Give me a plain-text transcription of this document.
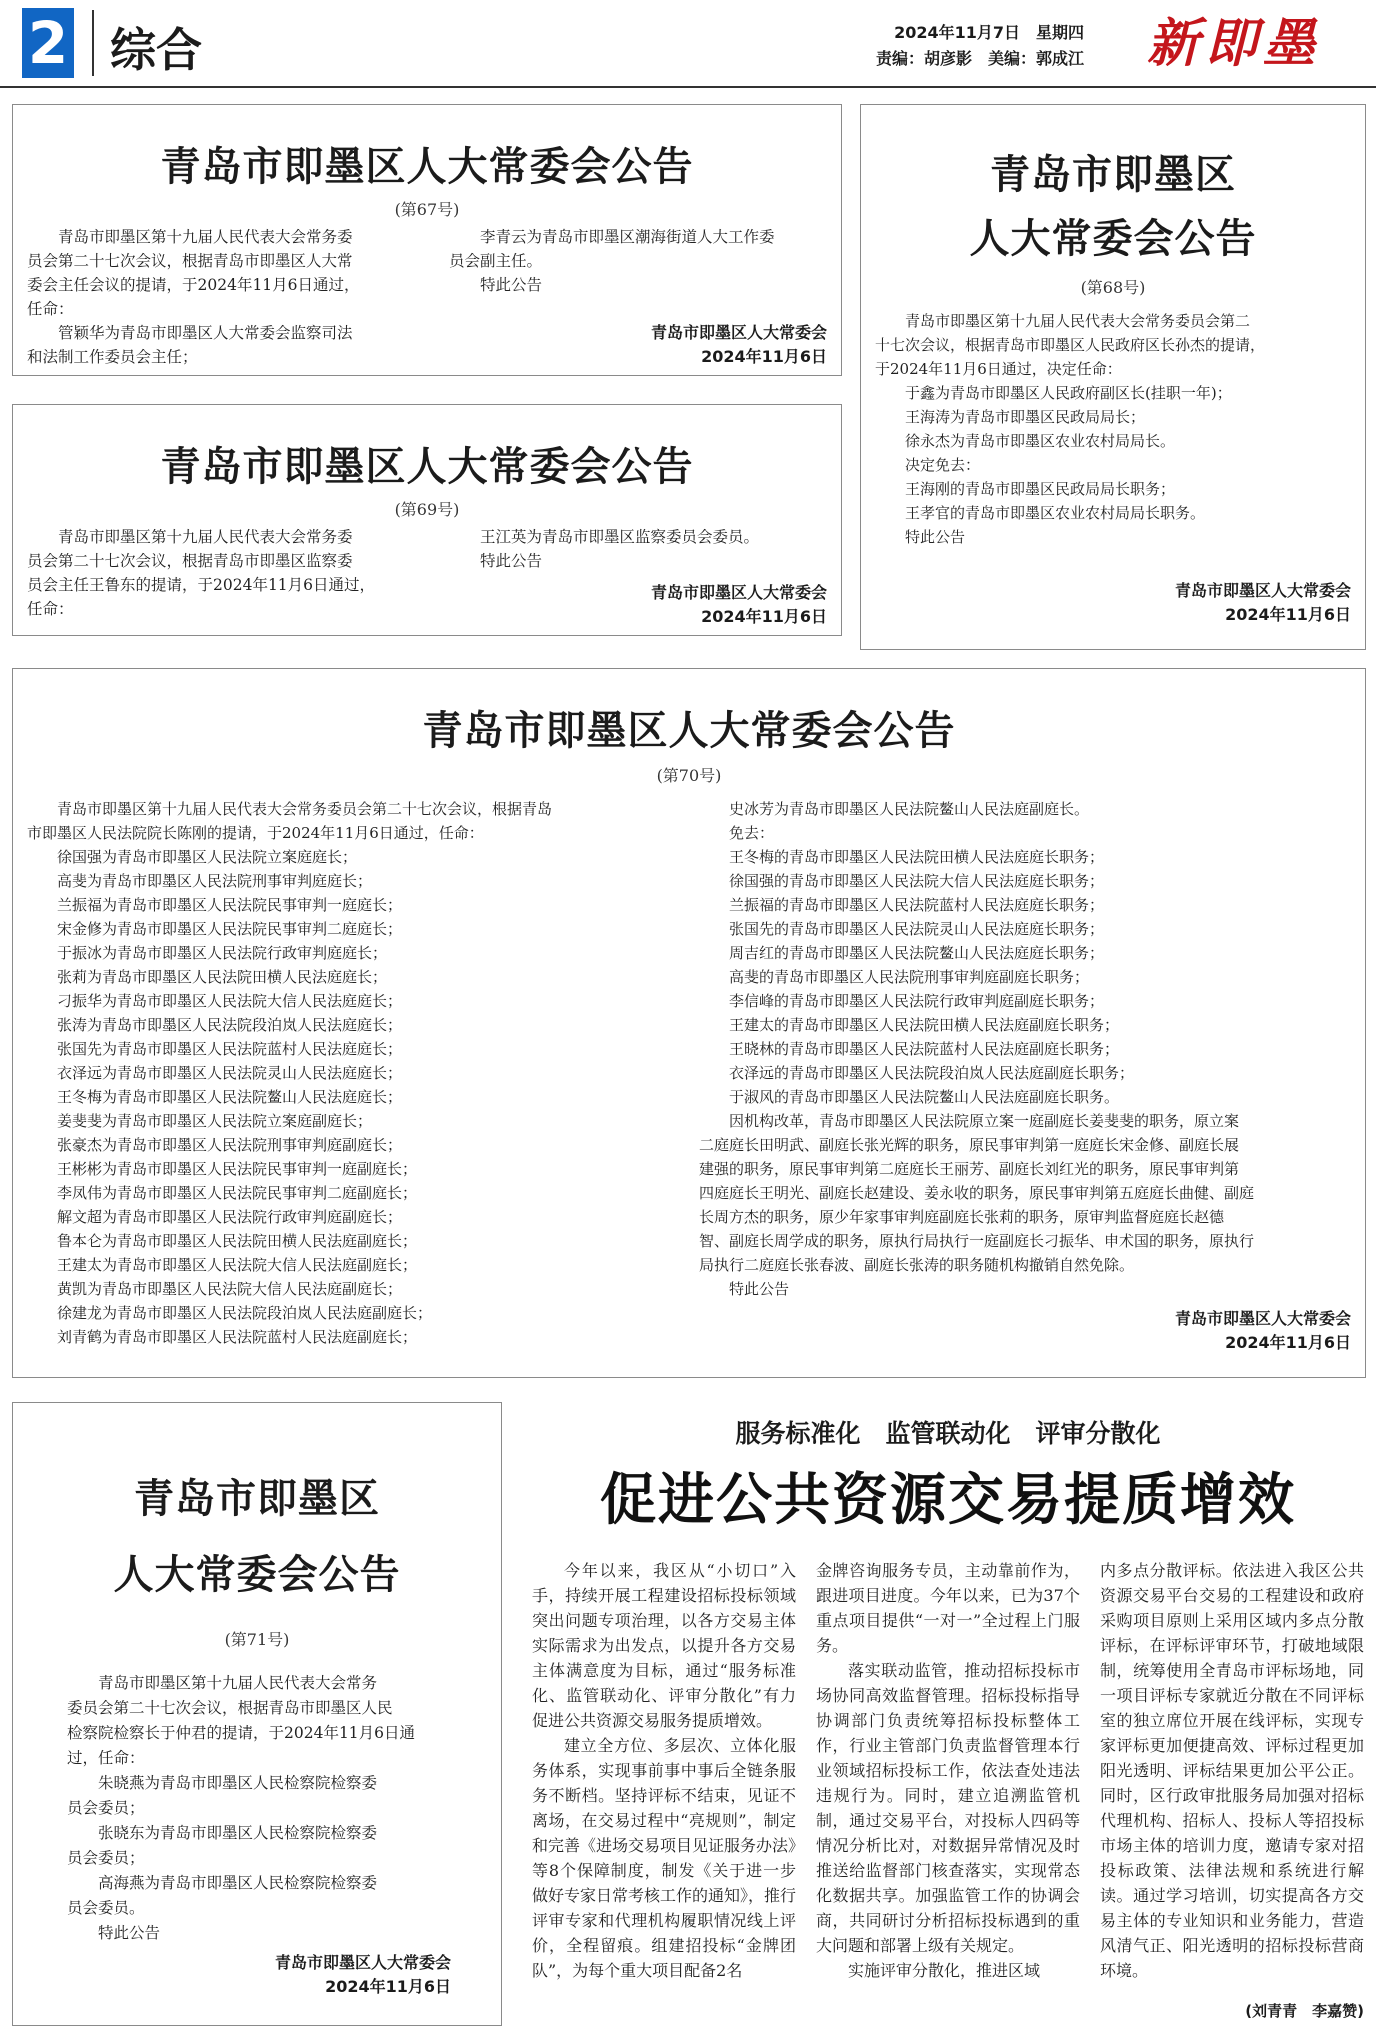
2 综合	2024年11月7日　星期四
责编：胡彦影　美编：郭成江	新即墨
青岛市即墨区人大常委会公告
(第67号)

青岛市即墨区第十九届人民代表大会常务委

员会第二十七次会议，根据青岛市即墨区人大常

委会主任会议的提请，于2024年11月6日通过，

任命：

管颖华为青岛市即墨区人大常委会监察司法

和法制工作委员会主任；

李青云为青岛市即墨区潮海街道人大工作委

员会副主任。

特此公告

青岛市即墨区人大常委会
2024年11月6日
青岛市即墨区人大常委会公告
(第69号)

青岛市即墨区第十九届人民代表大会常务委

员会第二十七次会议，根据青岛市即墨区监察委

员会主任王鲁东的提请，于2024年11月6日通过，

任命：

王江英为青岛市即墨区监察委员会委员。

特此公告

青岛市即墨区人大常委会
2024年11月6日
青岛市即墨区
人大常委会公告
(第68号)

青岛市即墨区第十九届人民代表大会常务委员会第二

十七次会议，根据青岛市即墨区人民政府区长孙杰的提请，

于2024年11月6日通过，决定任命：

于鑫为青岛市即墨区人民政府副区长(挂职一年)；

王海涛为青岛市即墨区民政局局长；

徐永杰为青岛市即墨区农业农村局局长。

决定免去：

王海刚的青岛市即墨区民政局局长职务；

王孝官的青岛市即墨区农业农村局局长职务。

特此公告

青岛市即墨区人大常委会
2024年11月6日
青岛市即墨区人大常委会公告
(第70号)

青岛市即墨区第十九届人民代表大会常务委员会第二十七次会议，根据青岛

市即墨区人民法院院长陈刚的提请，于2024年11月6日通过，任命：

徐国强为青岛市即墨区人民法院立案庭庭长；

高斐为青岛市即墨区人民法院刑事审判庭庭长；

兰振福为青岛市即墨区人民法院民事审判一庭庭长；

宋金修为青岛市即墨区人民法院民事审判二庭庭长；

于振冰为青岛市即墨区人民法院行政审判庭庭长；

张莉为青岛市即墨区人民法院田横人民法庭庭长；

刁振华为青岛市即墨区人民法院大信人民法庭庭长；

张涛为青岛市即墨区人民法院段泊岚人民法庭庭长；

张国先为青岛市即墨区人民法院蓝村人民法庭庭长；

衣泽远为青岛市即墨区人民法院灵山人民法庭庭长；

王冬梅为青岛市即墨区人民法院鳌山人民法庭庭长；

姜斐斐为青岛市即墨区人民法院立案庭副庭长；

张豪杰为青岛市即墨区人民法院刑事审判庭副庭长；

王彬彬为青岛市即墨区人民法院民事审判一庭副庭长；

李凤伟为青岛市即墨区人民法院民事审判二庭副庭长；

解文超为青岛市即墨区人民法院行政审判庭副庭长；

鲁本仑为青岛市即墨区人民法院田横人民法庭副庭长；

王建太为青岛市即墨区人民法院大信人民法庭副庭长；

黄凯为青岛市即墨区人民法院大信人民法庭副庭长；

徐建龙为青岛市即墨区人民法院段泊岚人民法庭副庭长；

刘青鹤为青岛市即墨区人民法院蓝村人民法庭副庭长；

史冰芳为青岛市即墨区人民法院鳌山人民法庭副庭长。

免去：

王冬梅的青岛市即墨区人民法院田横人民法庭庭长职务；

徐国强的青岛市即墨区人民法院大信人民法庭庭长职务；

兰振福的青岛市即墨区人民法院蓝村人民法庭庭长职务；

张国先的青岛市即墨区人民法院灵山人民法庭庭长职务；

周吉红的青岛市即墨区人民法院鳌山人民法庭庭长职务；

高斐的青岛市即墨区人民法院刑事审判庭副庭长职务；

李信峰的青岛市即墨区人民法院行政审判庭副庭长职务；

王建太的青岛市即墨区人民法院田横人民法庭副庭长职务；

王晓林的青岛市即墨区人民法院蓝村人民法庭副庭长职务；

衣泽远的青岛市即墨区人民法院段泊岚人民法庭副庭长职务；

于淑风的青岛市即墨区人民法院鳌山人民法庭副庭长职务。

因机构改革，青岛市即墨区人民法院原立案一庭副庭长姜斐斐的职务，原立案

二庭庭长田明武、副庭长张光辉的职务，原民事审判第一庭庭长宋金修、副庭长展

建强的职务，原民事审判第二庭庭长王丽芳、副庭长刘红光的职务，原民事审判第

四庭庭长王明光、副庭长赵建设、姜永收的职务，原民事审判第五庭庭长曲健、副庭

长周方杰的职务，原少年家事审判庭副庭长张莉的职务，原审判监督庭庭长赵德

智、副庭长周学成的职务，原执行局执行一庭副庭长刁振华、申术国的职务，原执行

局执行二庭庭长张春波、副庭长张涛的职务随机构撤销自然免除。

特此公告

青岛市即墨区人大常委会
2024年11月6日
青岛市即墨区
人大常委会公告
(第71号)

青岛市即墨区第十九届人民代表大会常务

委员会第二十七次会议，根据青岛市即墨区人民

检察院检察长于仲君的提请，于2024年11月6日通

过，任命：

朱晓燕为青岛市即墨区人民检察院检察委

员会委员；

张晓东为青岛市即墨区人民检察院检察委

员会委员；

高海燕为青岛市即墨区人民检察院检察委

员会委员。

特此公告

青岛市即墨区人大常委会
2024年11月6日
服务标准化　监管联动化　评审分散化
促进公共资源交易提质增效

今年以来，我区从“小切口”入手，持续开展工程建设招标投标领域突出问题专项治理，以各方交易主体实际需求为出发点，以提升各方交易主体满意度为目标，通过“服务标准化、监管联动化、评审分散化”有力促进公共资源交易服务提质增效。

建立全方位、多层次、立体化服务体系，实现事前事中事后全链条服务不断档。坚持评标不结束，见证不离场，在交易过程中“亮规则”，制定和完善《进场交易项目见证服务办法》等8个保障制度，制发《关于进一步做好专家日常考核工作的通知》，推行评审专家和代理机构履职情况线上评价，全程留痕。组建招投标“金牌团队”，为每个重大项目配备2名

金牌咨询服务专员，主动靠前作为，跟进项目进度。今年以来，已为37个重点项目提供“一对一”全过程上门服务。

落实联动监管，推动招标投标市场协同高效监督管理。招标投标指导协调部门负责统筹招标投标整体工作，行业主管部门负责监督管理本行业领域招标投标工作，依法查处违法违规行为。同时，建立追溯监管机制，通过交易平台，对投标人四码等情况分析比对，对数据异常情况及时推送给监督部门核查落实，实现常态化数据共享。加强监管工作的协调会商，共同研讨分析招标投标遇到的重大问题和部署上级有关规定。

实施评审分散化，推进区域

内多点分散评标。依法进入我区公共资源交易平台交易的工程建设和政府采购项目原则上采用区域内多点分散评标，在评标评审环节，打破地域限制，统筹使用全青岛市评标场地，同一项目评标专家就近分散在不同评标室的独立席位开展在线评标，实现专家评标更加便捷高效、评标过程更加阳光透明、评标结果更加公平公正。同时，区行政审批服务局加强对招标代理机构、招标人、投标人等招投标市场主体的培训力度，邀请专家对招投标政策、法律法规和系统进行解读。通过学习培训，切实提高各方交易主体的专业知识和业务能力，营造风清气正、阳光透明的招标投标营商环境。

(刘青青　李嘉赞)
